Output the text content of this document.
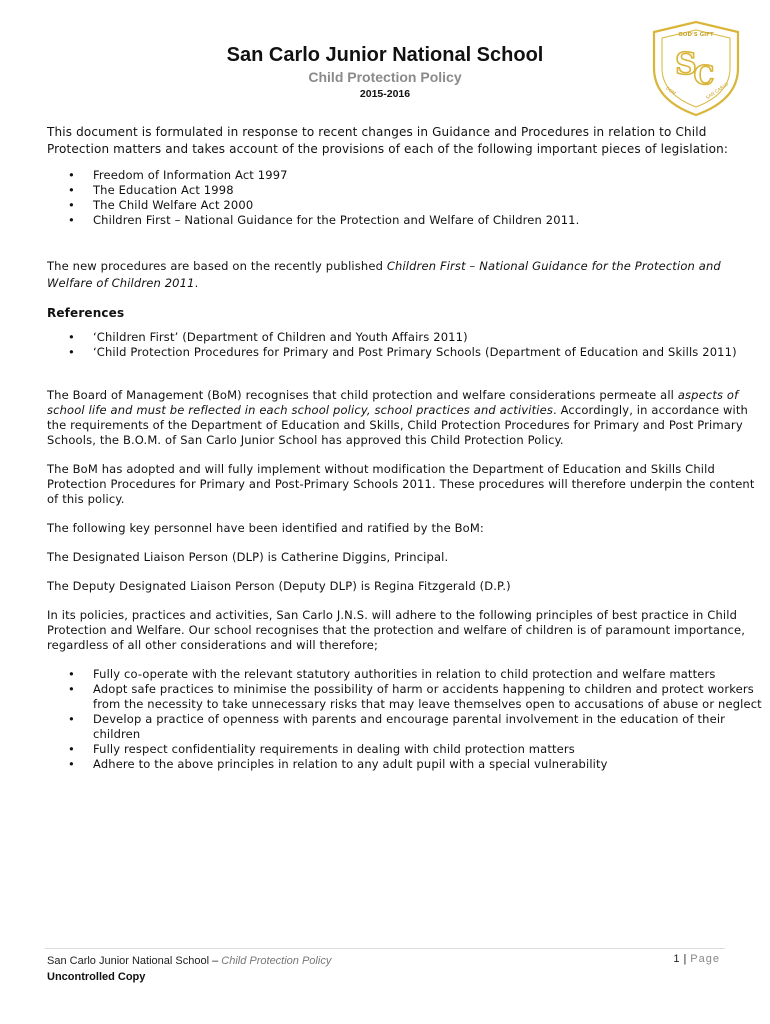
GOD'S GIFT
DOM	SAN CARLO
S
C
San Carlo Junior National School
Child Protection Policy
2015-2016

This document is formulated in response to recent changes in Guidance and Procedures in relation to Child Protection matters and takes account of the provisions of each of the following important pieces of legislation:

• Freedom of Information Act 1997
• The Education Act 1998
• The Child Welfare Act 2000
• Children First – National Guidance for the Protection and Welfare of Children 2011.

The new procedures are based on the recently published Children First – National Guidance for the Protection and Welfare of Children 2011.

References
• ‘Children First’ (Department of Children and Youth Affairs 2011)
• ‘Child Protection Procedures for Primary and Post Primary Schools (Department of Education and Skills 2011)

The Board of Management (BoM) recognises that child protection and welfare considerations permeate all aspects of school life and must be reflected in each school policy, school practices and activities. Accordingly, in accordance with the requirements of the Department of Education and Skills, Child Protection Procedures for Primary and Post Primary Schools, the B.O.M. of San Carlo Junior School has approved this Child Protection Policy.

The BoM has adopted and will fully implement without modification the Department of Education and Skills Child Protection Procedures for Primary and Post-Primary Schools 2011. These procedures will therefore underpin the content of this policy.

The following key personnel have been identified and ratified by the BoM:

The Designated Liaison Person (DLP) is Catherine Diggins, Principal.

The Deputy Designated Liaison Person (Deputy DLP) is Regina Fitzgerald (D.P.)

In its policies, practices and activities, San Carlo J.N.S. will adhere to the following principles of best practice in Child Protection and Welfare. Our school recognises that the protection and welfare of children is of paramount importance, regardless of all other considerations and will therefore;

• Fully co-operate with the relevant statutory authorities in relation to child protection and welfare matters
• Adopt safe practices to minimise the possibility of harm or accidents happening to children and protect workers from the necessity to take unnecessary risks that may leave themselves open to accusations of abuse or neglect
• Develop a practice of openness with parents and encourage parental involvement in the education of their children
• Fully respect confidentiality requirements in dealing with child protection matters
• Adhere to the above principles in relation to any adult pupil with a special vulnerability
San Carlo Junior National School – Child Protection Policy
Uncontrolled Copy
1 | Page
